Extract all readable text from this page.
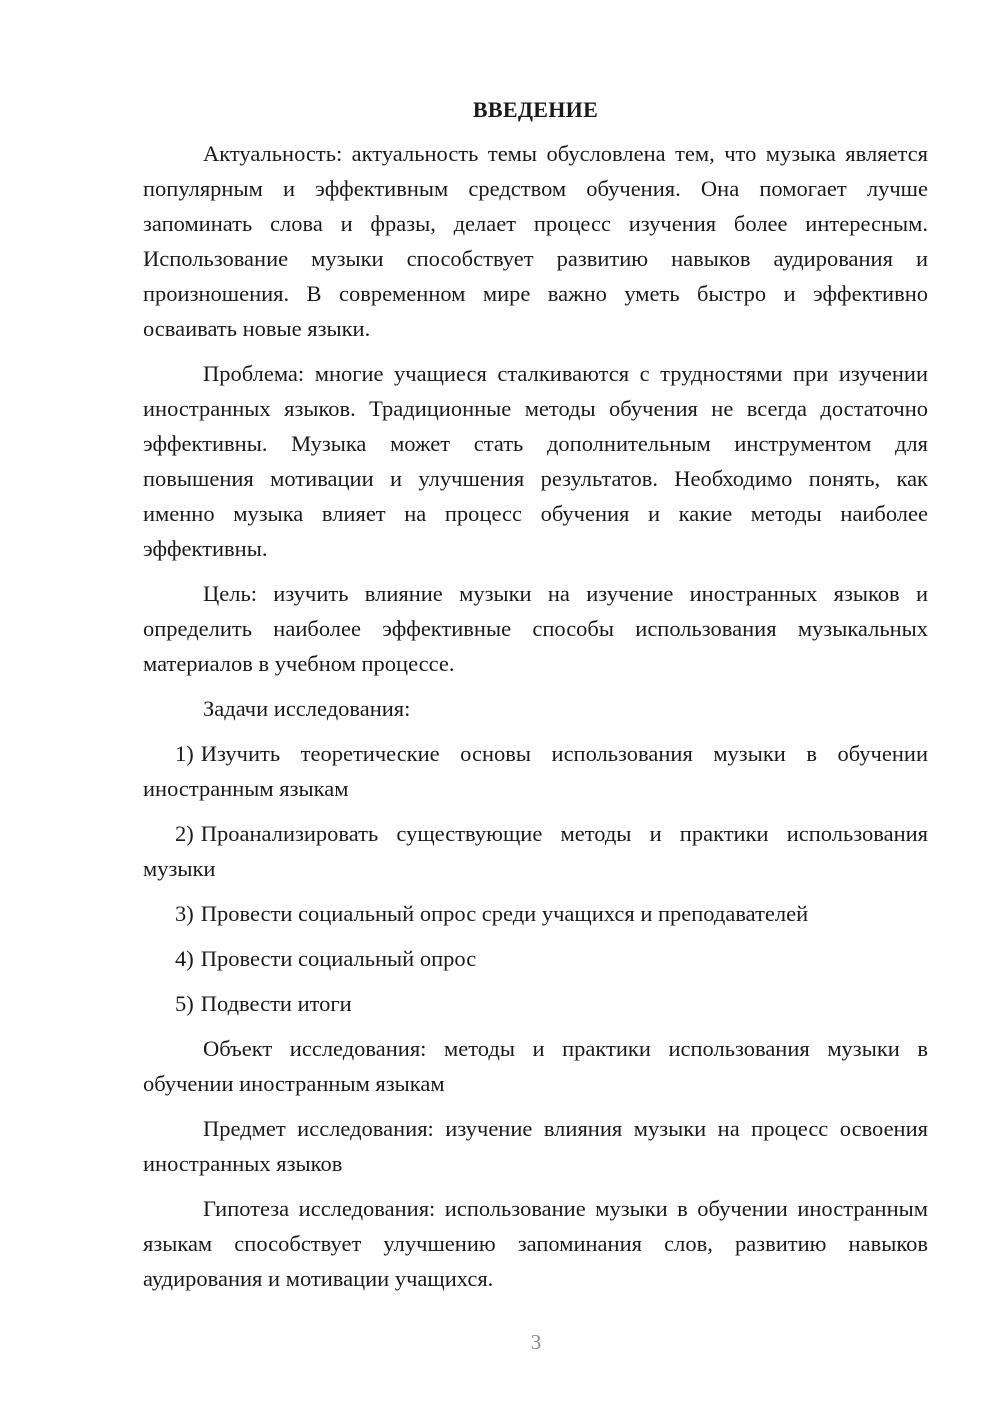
ВВЕДЕНИЕ

Актуальность: актуальность темы обусловлена тем, что музыка является популярным и эффективным средством обучения. Она помогает лучше запоминать слова и фразы, делает процесс изучения более интересным. Использование музыки способствует развитию навыков аудирования и произношения. В современном мире важно уметь быстро и эффективно осваивать новые языки.

Проблема: многие учащиеся сталкиваются с трудностями при изучении иностранных языков. Традиционные методы обучения не всегда достаточно эффективны. Музыка может стать дополнительным инструментом для повышения мотивации и улучшения результатов. Необходимо понять, как именно музыка влияет на процесс обучения и какие методы наиболее эффективны.

Цель: изучить влияние музыки на изучение иностранных языков и определить наиболее эффективные способы использования музыкальных материалов в учебном процессе.

Задачи исследования:

1) Изучить теоретические основы использования музыки в обучении иностранным языкам

2) Проанализировать существующие методы и практики использования музыки

3) Провести социальный опрос среди учащихся и преподавателей

4) Провести социальный опрос

5) Подвести итоги

Объект исследования: методы и практики использования музыки в обучении иностранным языкам

Предмет исследования: изучение влияния музыки на процесс освоения иностранных языков

Гипотеза исследования: использование музыки в обучении иностранным языкам способствует улучшению запоминания слов, развитию навыков аудирования и мотивации учащихся.

3
